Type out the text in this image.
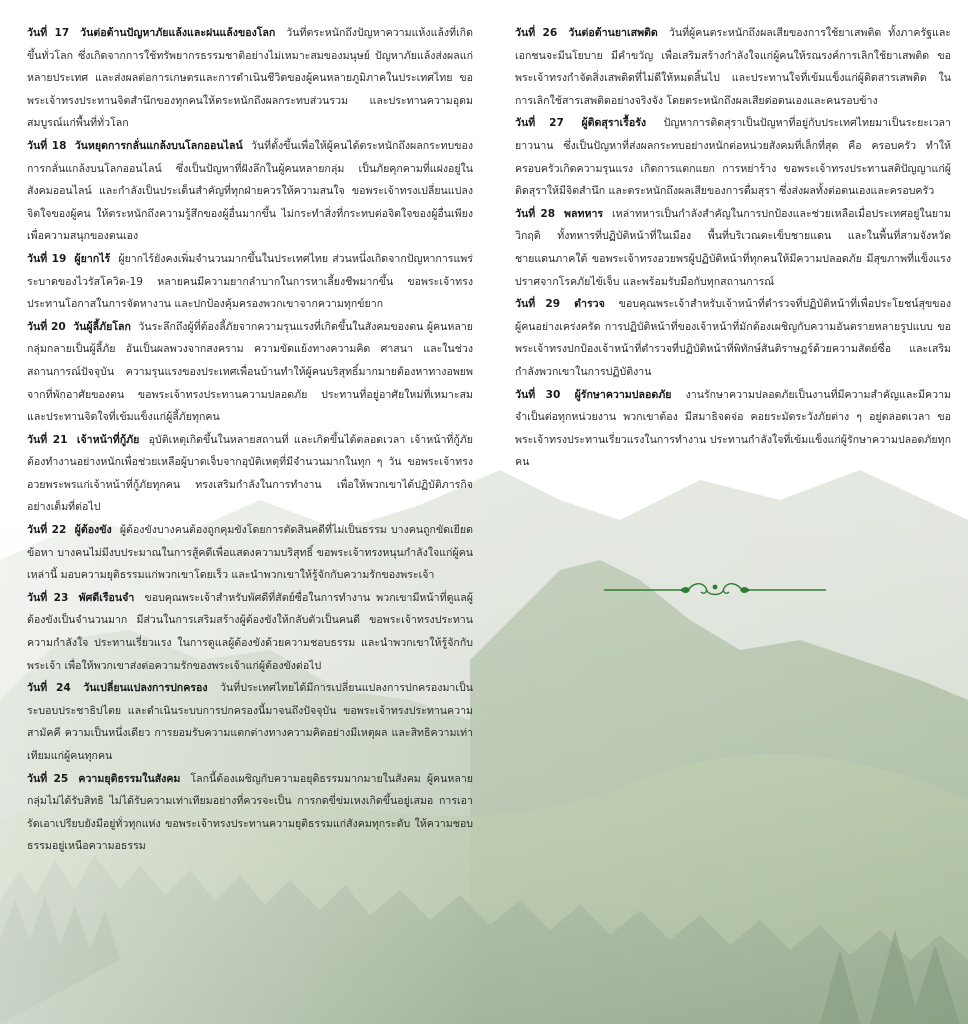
วันที่ 17 วันต่อต้านปัญหาภัยแล้งและฝนแล้งของโลก วันที่ตระหนักถึงปัญหาความแห้งแล้งที่เกิดขึ้นทั่วโลก ซึ่งเกิดจากการใช้ทรัพยากรธรรมชาติอย่างไม่เหมาะสมของมนุษย์ ปัญหาภัยแล้งส่งผลแก่หลายประเทศ และส่งผลต่อการเกษตรและการดำเนินชีวิตของผู้คนหลายภูมิภาคในประเทศไทย ขอพระเจ้าทรงประทานจิตสำนึกของทุกคนให้ตระหนักถึงผลกระทบส่วนรวม และประทานความอุดมสมบูรณ์แก่พื้นที่ทั่วโลก

วันที่ 18 วันหยุดการกลั่นแกล้งบนโลกออนไลน์ วันที่ตั้งขึ้นเพื่อให้ผู้คนได้ตระหนักถึงผลกระทบของการกลั่นแกล้งบนโลกออนไลน์ ซึ่งเป็นปัญหาที่ฝังลึกในผู้คนหลายกลุ่ม เป็นภัยคุกคามที่แฝงอยู่ในสังคมออนไลน์ และกำลังเป็นประเด็นสำคัญที่ทุกฝ่ายควรให้ความสนใจ ขอพระเจ้าทรงเปลี่ยนแปลงจิตใจของผู้คน ให้ตระหนักถึงความรู้สึกของผู้อื่นมากขึ้น ไม่กระทำสิ่งที่กระทบต่อจิตใจของผู้อื่นเพียงเพื่อความสนุกของตนเอง

วันที่ 19 ผู้ยากไร้ ผู้ยากไร้ยังคงเพิ่มจำนวนมากขึ้นในประเทศไทย ส่วนหนึ่งเกิดจากปัญหาการแพร่ระบาดของไวรัสโควิด-19 หลายคนมีความยากลำบากในการหาเลี้ยงชีพมากขึ้น ขอพระเจ้าทรงประทานโอกาสในการจัดหางาน และปกป้องคุ้มครองพวกเขาจากความทุกข์ยาก

วันที่ 20 วันผู้ลี้ภัยโลก วันระลึกถึงผู้ที่ต้องลี้ภัยจากความรุนแรงที่เกิดขึ้นในสังคมของตน ผู้คนหลายกลุ่มกลายเป็นผู้ลี้ภัย อันเป็นผลพวงจากสงคราม ความขัดแย้งทางความคิด ศาสนา และในช่วงสถานการณ์ปัจจุบัน ความรุนแรงของประเทศเพื่อนบ้านทำให้ผู้คนบริสุทธิ์มากมายต้องหาทางอพยพจากที่พักอาศัยของตน ขอพระเจ้าทรงประทานความปลอดภัย ประทานที่อยู่อาศัยใหม่ที่เหมาะสม และประทานจิตใจที่เข้มแข็งแก่ผู้ลี้ภัยทุกคน

วันที่ 21 เจ้าหน้าที่กู้ภัย อุบัติเหตุเกิดขึ้นในหลายสถานที่ และเกิดขึ้นได้ตลอดเวลา เจ้าหน้าที่กู้ภัยต้องทำงานอย่างหนักเพื่อช่วยเหลือผู้บาดเจ็บจากอุบัติเหตุที่มีจำนวนมากในทุก ๆ วัน ขอพระเจ้าทรงอวยพระพรแก่เจ้าหน้าที่กู้ภัยทุกคน ทรงเสริมกำลังในการทำงาน เพื่อให้พวกเขาได้ปฏิบัติภารกิจอย่างเต็มที่ต่อไป

วันที่ 22 ผู้ต้องขัง ผู้ต้องขังบางคนต้องถูกคุมขังโดยการตัดสินคดีที่ไม่เป็นธรรม บางคนถูกขัดเยียดข้อหา บางคนไม่มีงบประมาณในการสู้คดีเพื่อแสดงความบริสุทธิ์ ขอพระเจ้าทรงหนุนกำลังใจแก่ผู้คนเหล่านี้ มอบความยุติธรรมแก่พวกเขาโดยเร็ว และนำพวกเขาให้รู้จักกับความรักของพระเจ้า

วันที่ 23 พัศดีเรือนจำ ขอบคุณพระเจ้าสำหรับพัศดีที่สัตย์ซื่อในการทำงาน พวกเขามีหน้าที่ดูแลผู้ต้องขังเป็นจำนวนมาก มีส่วนในการเสริมสร้างผู้ต้องขังให้กลับตัวเป็นคนดี ขอพระเจ้าทรงประทานความกำลังใจ ประทานเรี่ยวแรง ในการดูแลผู้ต้องขังด้วยความชอบธรรม และนำพวกเขาให้รู้จักกับพระเจ้า เพื่อให้พวกเขาส่งต่อความรักของพระเจ้าแก่ผู้ต้องขังต่อไป

วันที่ 24 วันเปลี่ยนแปลงการปกครอง วันที่ประเทศไทยได้มีการเปลี่ยนแปลงการปกครองมาเป็นระบอบประชาธิปไตย และดำเนินระบบการปกครองนี้มาจนถึงปัจจุบัน ขอพระเจ้าทรงประทานความสามัคคี ความเป็นหนึ่งเดียว การยอมรับความแตกต่างทางความคิดอย่างมีเหตุผล และสิทธิความเท่าเทียมแก่ผู้คนทุกคน

วันที่ 25 ความยุติธรรมในสังคม โลกนี้ต้องเผชิญกับความอยุติธรรมมากมายในสังคม ผู้คนหลายกลุ่มไม่ได้รับสิทธิ ไม่ได้รับความเท่าเทียมอย่างที่ควรจะเป็น การกดขี่ข่มเหงเกิดขึ้นอยู่เสมอ การเอารัดเอาเปรียบยังมีอยู่ทั่วทุกแห่ง ขอพระเจ้าทรงประทานความยุติธรรมแก่สังคมทุกระดับ ให้ความชอบธรรมอยู่เหนือความอธรรม

วันที่ 26 วันต่อต้านยาเสพติด วันที่ผู้คนตระหนักถึงผลเสียของการใช้ยาเสพติด ทั้งภาครัฐและเอกชนจะมีนโยบาย มีคำขวัญ เพื่อเสริมสร้างกำลังใจแก่ผู้คนให้รณรงค์การเลิกใช้ยาเสพติด ขอพระเจ้าทรงกำจัดสิ่งเสพติดที่ไม่ดีให้หมดสิ้นไป และประทานใจที่เข้มแข็งแก่ผู้ติดสารเสพติด ในการเลิกใช้สารเสพติดอย่างจริงจัง โดยตระหนักถึงผลเสียต่อตนเองและคนรอบข้าง

วันที่ 27 ผู้ติดสุราเรื้อรัง ปัญหาการติดสุราเป็นปัญหาที่อยู่กับประเทศไทยมาเป็นระยะเวลายาวนาน ซึ่งเป็นปัญหาที่ส่งผลกระทบอย่างหนักต่อหน่วยสังคมที่เล็กที่สุด คือ ครอบครัว ทำให้ครอบครัวเกิดความรุนแรง เกิดการแตกแยก การหย่าร้าง ขอพระเจ้าทรงประทานสติปัญญาแก่ผู้ติดสุราให้มีจิตสำนึก และตระหนักถึงผลเสียของการดื่มสุรา ซึ่งส่งผลทั้งต่อตนเองและครอบครัว

วันที่ 28 พลทหาร เหล่าทหารเป็นกำลังสำคัญในการปกป้องและช่วยเหลือเมื่อประเทศอยู่ในยามวิกฤติ ทั้งทหารที่ปฏิบัติหน้าที่ในเมือง พื้นที่บริเวณตะเข็บชายแดน และในพื้นที่สามจังหวัดชายแดนภาคใต้ ขอพระเจ้าทรงอวยพรผู้ปฏิบัติหน้าที่ทุกคนให้มีความปลอดภัย มีสุขภาพที่แข็งแรง ปราศจากโรคภัยไข้เจ็บ และพร้อมรับมือกับทุกสถานการณ์

วันที่ 29 ตำรวจ ขอบคุณพระเจ้าสำหรับเจ้าหน้าที่ตำรวจที่ปฏิบัติหน้าที่เพื่อประโยชน์สุขของผู้คนอย่างเคร่งครัด การปฏิบัติหน้าที่ของเจ้าหน้าที่มักต้องเผชิญกับความอันตรายหลายรูปแบบ ขอพระเจ้าทรงปกป้องเจ้าหน้าที่ตำรวจที่ปฏิบัติหน้าที่พิทักษ์สันติราษฎร์ด้วยความสัตย์ซื่อ และเสริมกำลังพวกเขาในการปฏิบัติงาน

วันที่ 30 ผู้รักษาความปลอดภัย งานรักษาความปลอดภัยเป็นงานที่มีความสำคัญและมีความจำเป็นต่อทุกหน่วยงาน พวกเขาต้อง มีสมาธิจดจ่อ คอยระมัดระวังภัยต่าง ๆ อยู่ตลอดเวลา ขอพระเจ้าทรงประทานเรี่ยวแรงในการทำงาน ประทานกำลังใจที่เข้มแข็งแก่ผู้รักษาความปลอดภัยทุกคน
